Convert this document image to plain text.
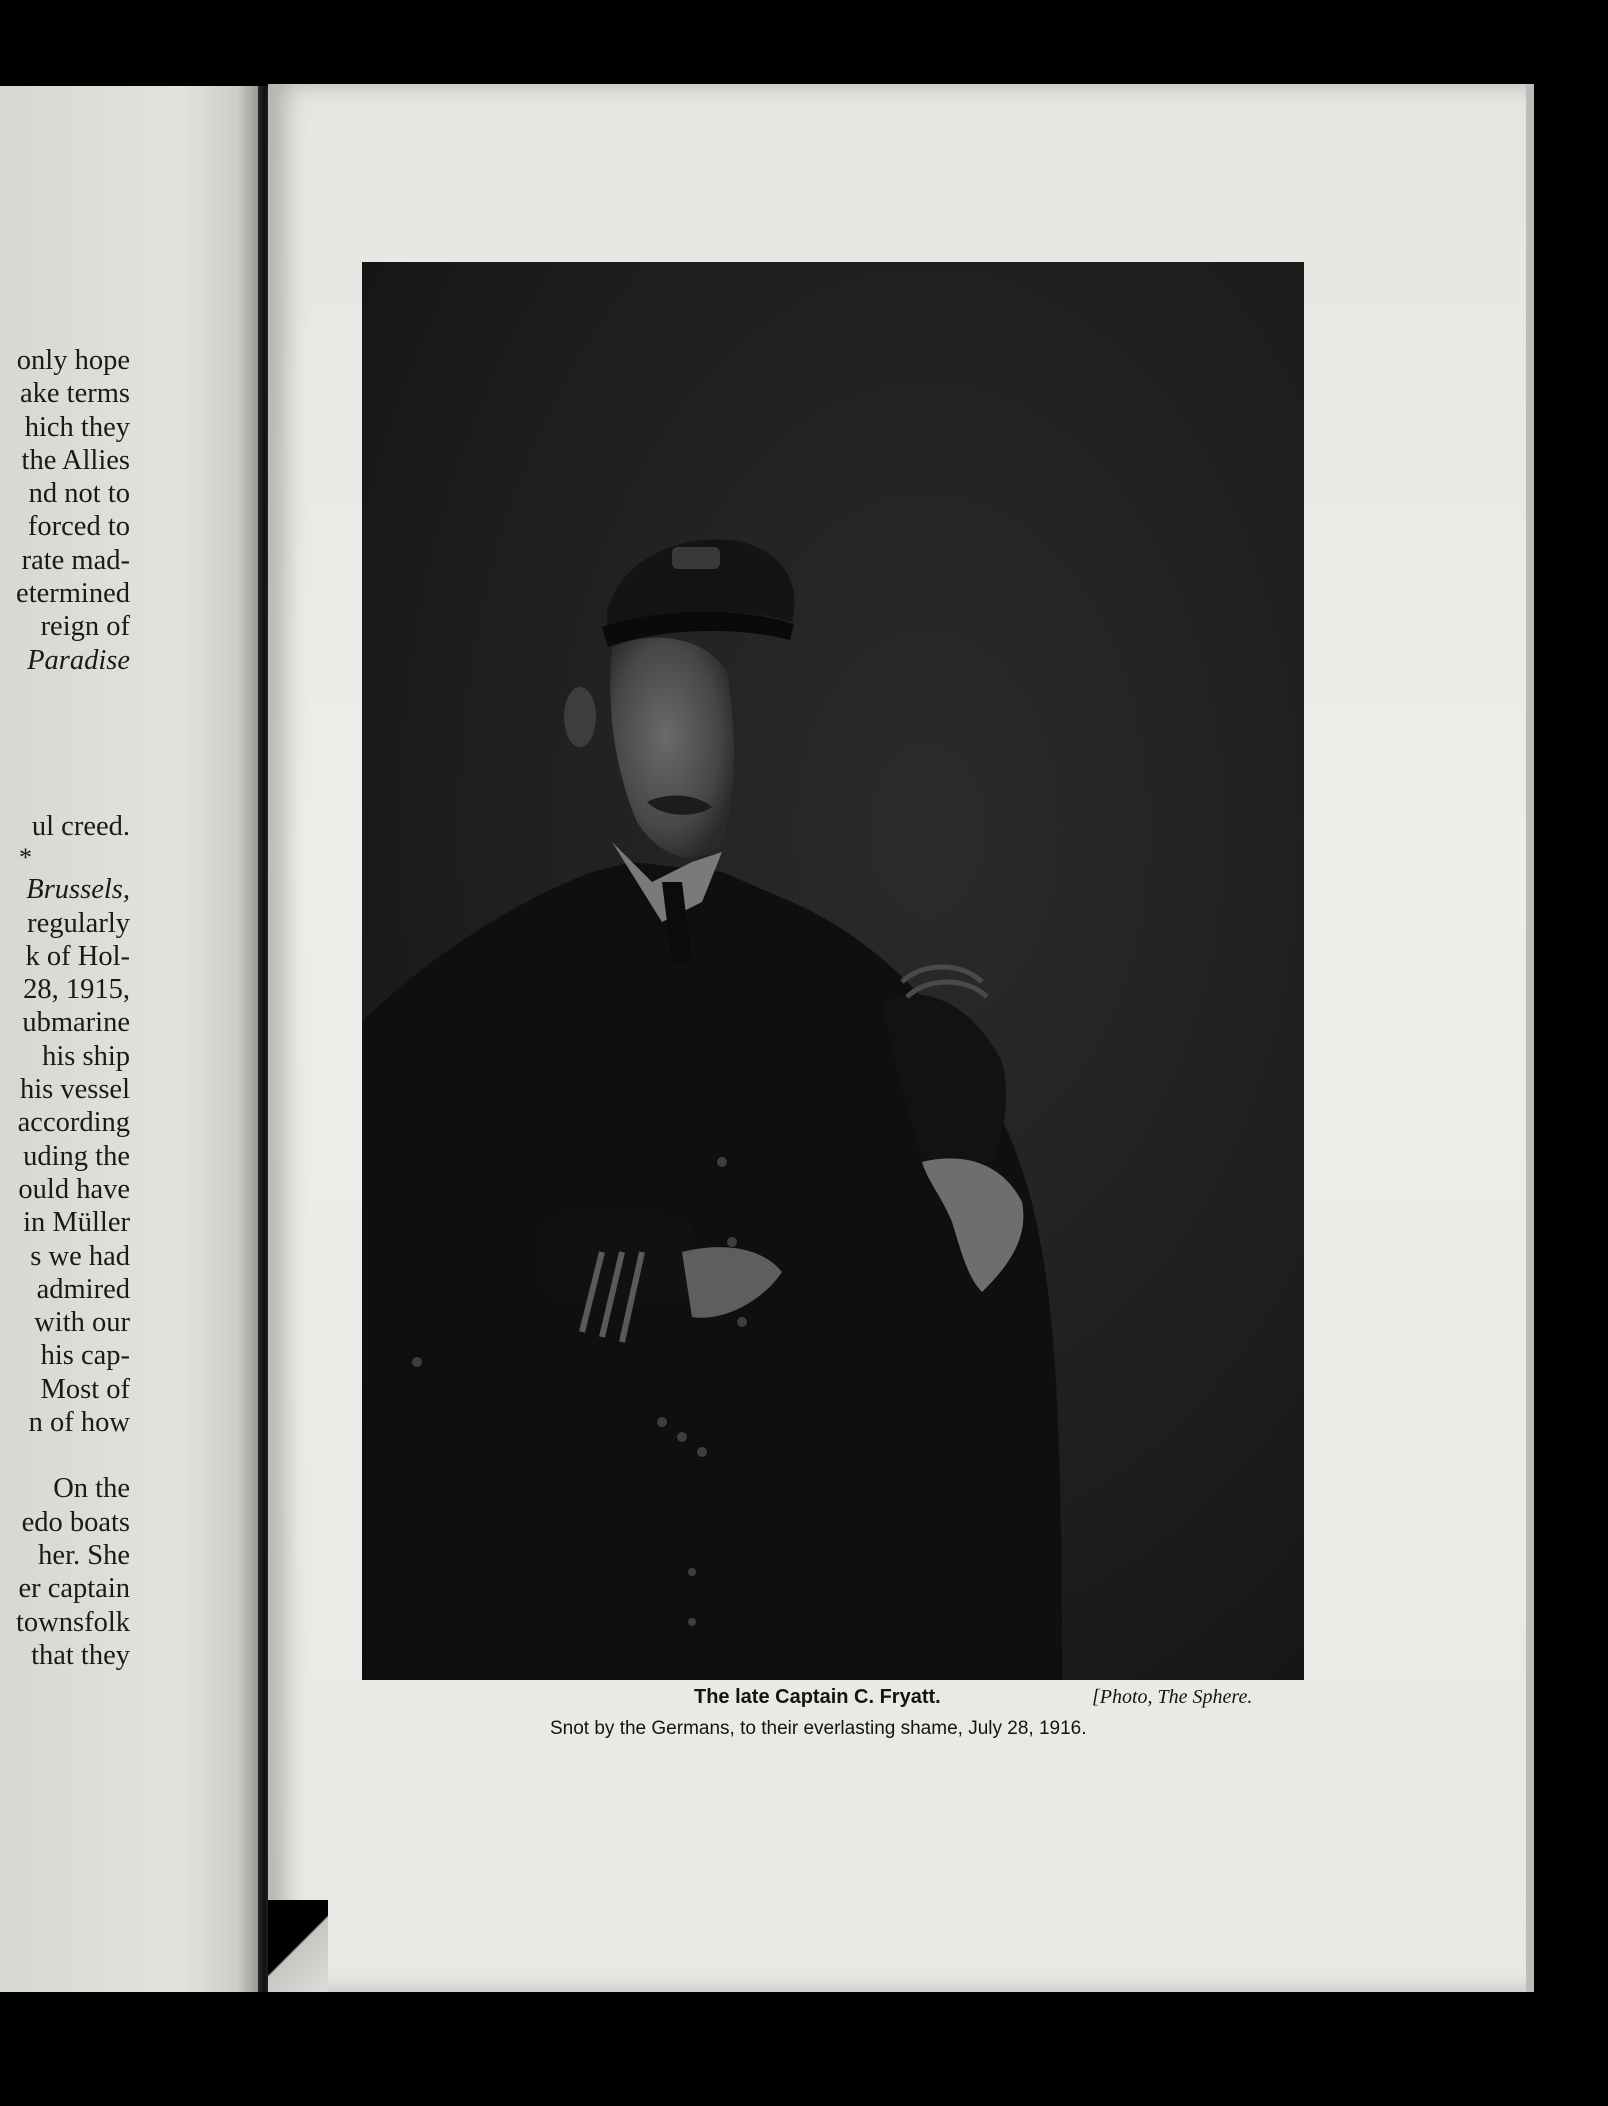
only hope
ake terms
hich they
the Allies
nd not to
forced to
rate mad-
etermined
reign of
Paradise
ul creed.
*
Brussels,
regularly
k of Hol-
28, 1915,
ubmarine
his ship
his vessel
according
uding the
ould have
in Müller
s we had
admired
with our
his cap-
Most of
n of how
On the
edo boats
her. She
er captain
townsfolk
that they
The late Captain C. Fryatt.	[Photo, The Sphere.
Snot by the Germans, to their everlasting shame, July 28, 1916.
